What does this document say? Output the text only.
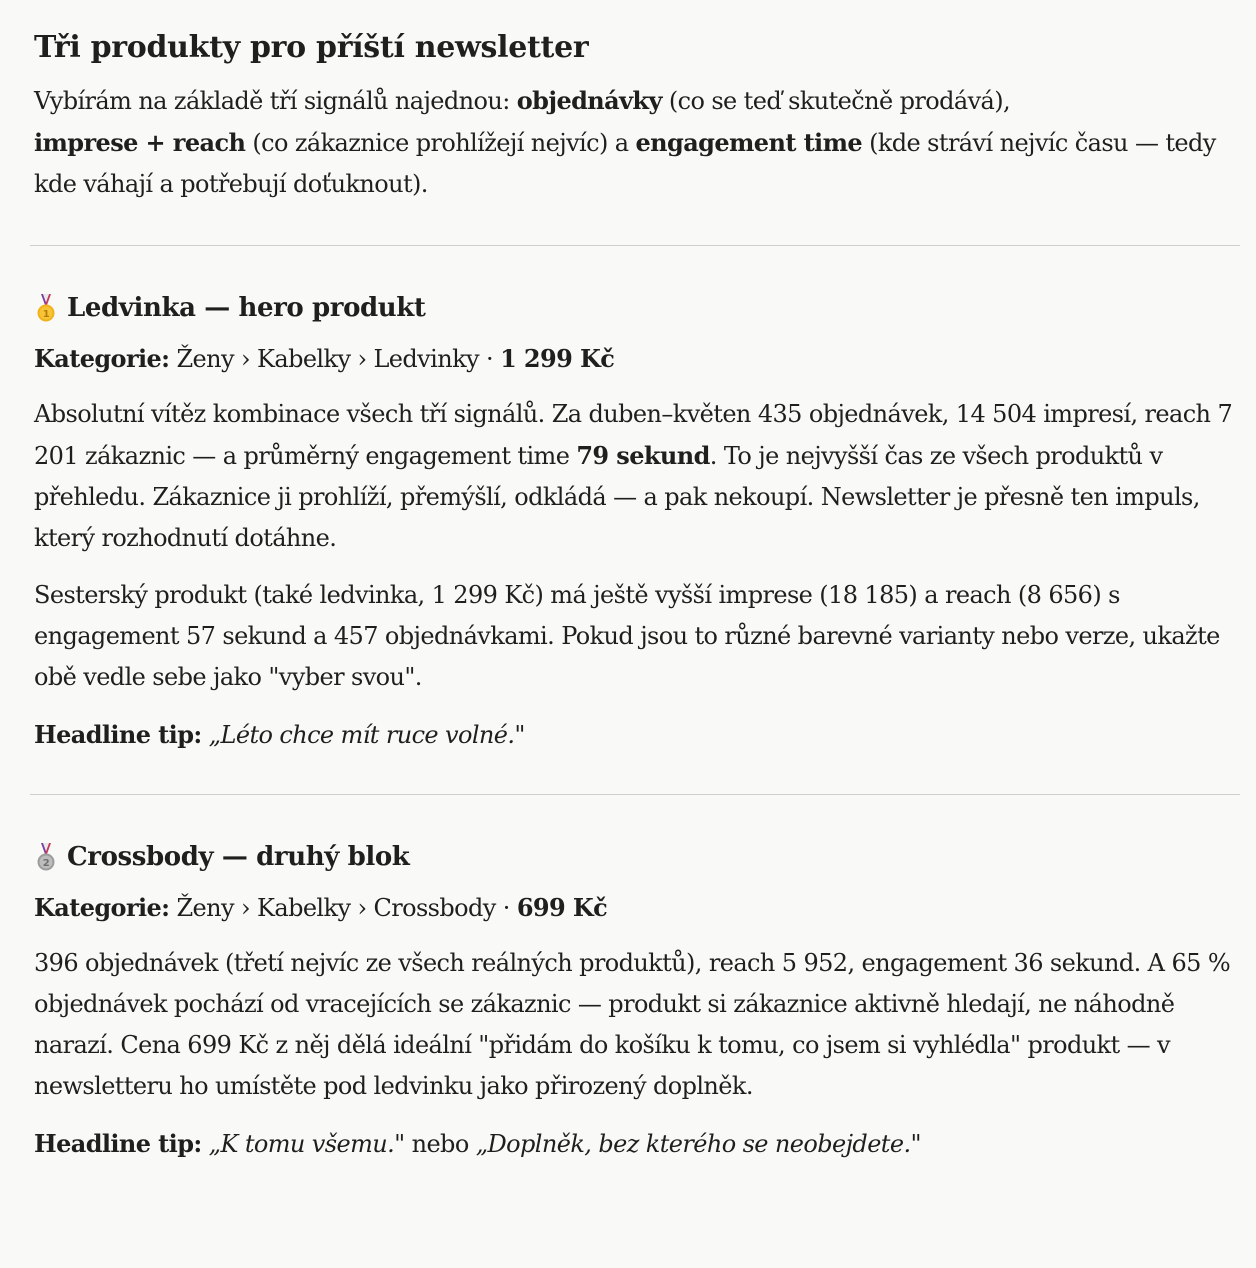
Tři produkty pro příští newsletter

Vybírám na základě tří signálů najednou: objednávky (co se teď skutečně prodává),
imprese + reach (co zákaznice prohlížejí nejvíc) a engagement time (kde stráví nejvíc času — tedy kde váhají a potřebují doťuknout).

1 Ledvinka — hero produkt

Kategorie: Ženy › Kabelky › Ledvinky · 1 299 Kč

Absolutní vítěz kombinace všech tří signálů. Za duben–květen 435 objednávek, 14 504 impresí, reach 7 201 zákaznic — a průměrný engagement time 79 sekund. To je nejvyšší čas ze všech produktů v přehledu. Zákaznice ji prohlíží, přemýšlí, odkládá — a pak nekoupí. Newsletter je přesně ten impuls, který rozhodnutí dotáhne.

Sesterský produkt (také ledvinka, 1 299 Kč) má ještě vyšší imprese (18 185) a reach (8 656) s engagement 57 sekund a 457 objednávkami. Pokud jsou to různé barevné varianty nebo verze, ukažte obě vedle sebe jako "vyber svou".

Headline tip: „Léto chce mít ruce volné."

2 Crossbody — druhý blok

Kategorie: Ženy › Kabelky › Crossbody · 699 Kč

396 objednávek (třetí nejvíc ze všech reálných produktů), reach 5 952, engagement 36 sekund. A 65 % objednávek pochází od vracejících se zákaznic — produkt si zákaznice aktivně hledají, ne náhodně narazí. Cena 699 Kč z něj dělá ideální "přidám do košíku k tomu, co jsem si vyhlédla" produkt — v newsletteru ho umístěte pod ledvinku jako přirozený doplněk.

Headline tip: „K tomu všemu." nebo „Doplněk, bez kterého se neobejdete."
